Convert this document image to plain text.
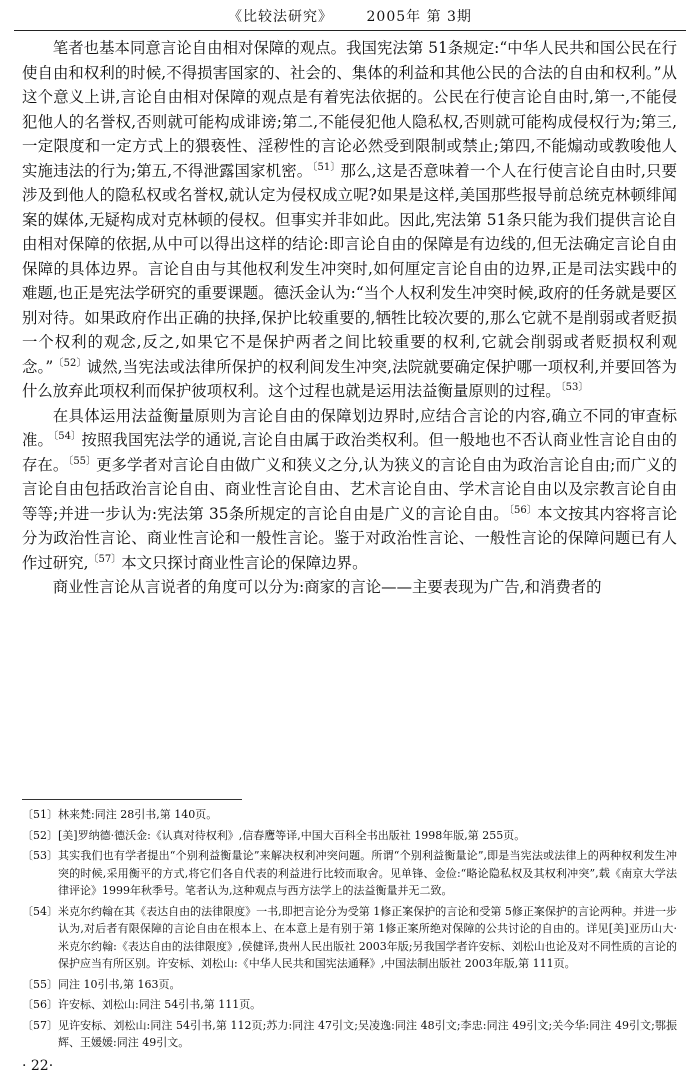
《比较法研究》 2005年 第 3期

笔者也基本同意言论自由相对保障的观点。我国宪法第 51条规定:“中华人民共和国公民在行使自由和权利的时候,不得损害国家的、社会的、集体的利益和其他公民的合法的自由和权利。”从这个意义上讲,言论自由相对保障的观点是有着宪法依据的。公民在行使言论自由时,第一,不能侵犯他人的名誉权,否则就可能构成诽谤;第二,不能侵犯他人隐私权,否则就可能构成侵权行为;第三,一定限度和一定方式上的猥亵性、淫秽性的言论必然受到限制或禁止;第四,不能煽动或教唆他人实施违法的行为;第五,不得泄露国家机密。$^{〔51〕}$那么,这是否意味着一个人在行使言论自由时,只要涉及到他人的隐私权或名誉权,就认定为侵权成立呢?如果是这样,美国那些报导前总统克林顿绯闻案的媒体,无疑构成对克林顿的侵权。但事实并非如此。因此,宪法第 51条只能为我们提供言论自由相对保障的依据,从中可以得出这样的结论:即言论自由的保障是有边线的,但无法确定言论自由保障的具体边界。言论自由与其他权利发生冲突时,如何厘定言论自由的边界,正是司法实践中的难题,也正是宪法学研究的重要课题。德沃金认为:“当个人权利发生冲突时候,政府的任务就是要区别对待。如果政府作出正确的抉择,保护比较重要的,牺牲比较次要的,那么它就不是削弱或者贬损一个权利的观念,反之,如果它不是保护两者之间比较重要的权利,它就会削弱或者贬损权利观念。”$^{〔52〕}$诚然,当宪法或法律所保护的权利间发生冲突,法院就要确定保护哪一项权利,并要回答为什么放弃此项权利而保护彼项权利。这个过程也就是运用法益衡量原则的过程。$^{〔53〕}$

在具体运用法益衡量原则为言论自由的保障划边界时,应结合言论的内容,确立不同的审查标准。$^{〔54〕}$按照我国宪法学的通说,言论自由属于政治类权利。但一般地也不否认商业性言论自由的存在。$^{〔55〕}$更多学者对言论自由做广义和狭义之分,认为狭义的言论自由为政治言论自由;而广义的言论自由包括政治言论自由、商业性言论自由、艺术言论自由、学术言论自由以及宗教言论自由等等;并进一步认为:宪法第 35条所规定的言论自由是广义的言论自由。$^{〔56〕}$本文按其内容将言论分为政治性言论、商业性言论和一般性言论。鉴于对政治性言论、一般性言论的保障问题已有人作过研究,$^{〔57〕}$本文只探讨商业性言论的保障边界。

商业性言论从言说者的角度可以分为:商家的言论——主要表现为广告,和消费者的

〔51〕 林来梵:同注 28引书,第 140页。
〔52〕 [美]罗纳德·德沃金:《认真对待权利》,信春鹰等译,中国大百科全书出版社 1998年版,第 255页。
〔53〕 其实我们也有学者提出“个别利益衡量论”来解决权利冲突问题。所谓“个别利益衡量论”,即是当宪法或法律上的两种权利发生冲突的时候,采用衡平的方式,将它们各自代表的利益进行比较而取舍。见单锋、金俭:“略论隐私权及其权利冲突”,载《南京大学法律评论》1999年秋季号。笔者认为,这种观点与西方法学上的法益衡量并无二致。
〔54〕 米克尔约翰在其《表达自由的法律限度》一书,即把言论分为受第 1修正案保护的言论和受第 5修正案保护的言论两种。并进一步认为,对后者有限保障的言论自由在根本上、在本意上是有别于第 1修正案所绝对保障的公共讨论的自由的。详见[美]亚历山大·米克尔约翰:《表达自由的法律限度》,侯健译,贵州人民出版社 2003年版;另我国学者许安标、刘松山也论及对不同性质的言论的保护应当有所区别。许安标、刘松山:《中华人民共和国宪法通释》,中国法制出版社 2003年版,第 111页。
〔55〕 同注 10引书,第 163页。
〔56〕 许安标、刘松山:同注 54引书,第 111页。
〔57〕 见许安标、刘松山:同注 54引书,第 112页;苏力:同注 47引文;吴凌逸:同注 48引文;李忠:同注 49引文;关今华:同注 49引文;鄂振辉、王媛媛:同注 49引文。
· 22·
